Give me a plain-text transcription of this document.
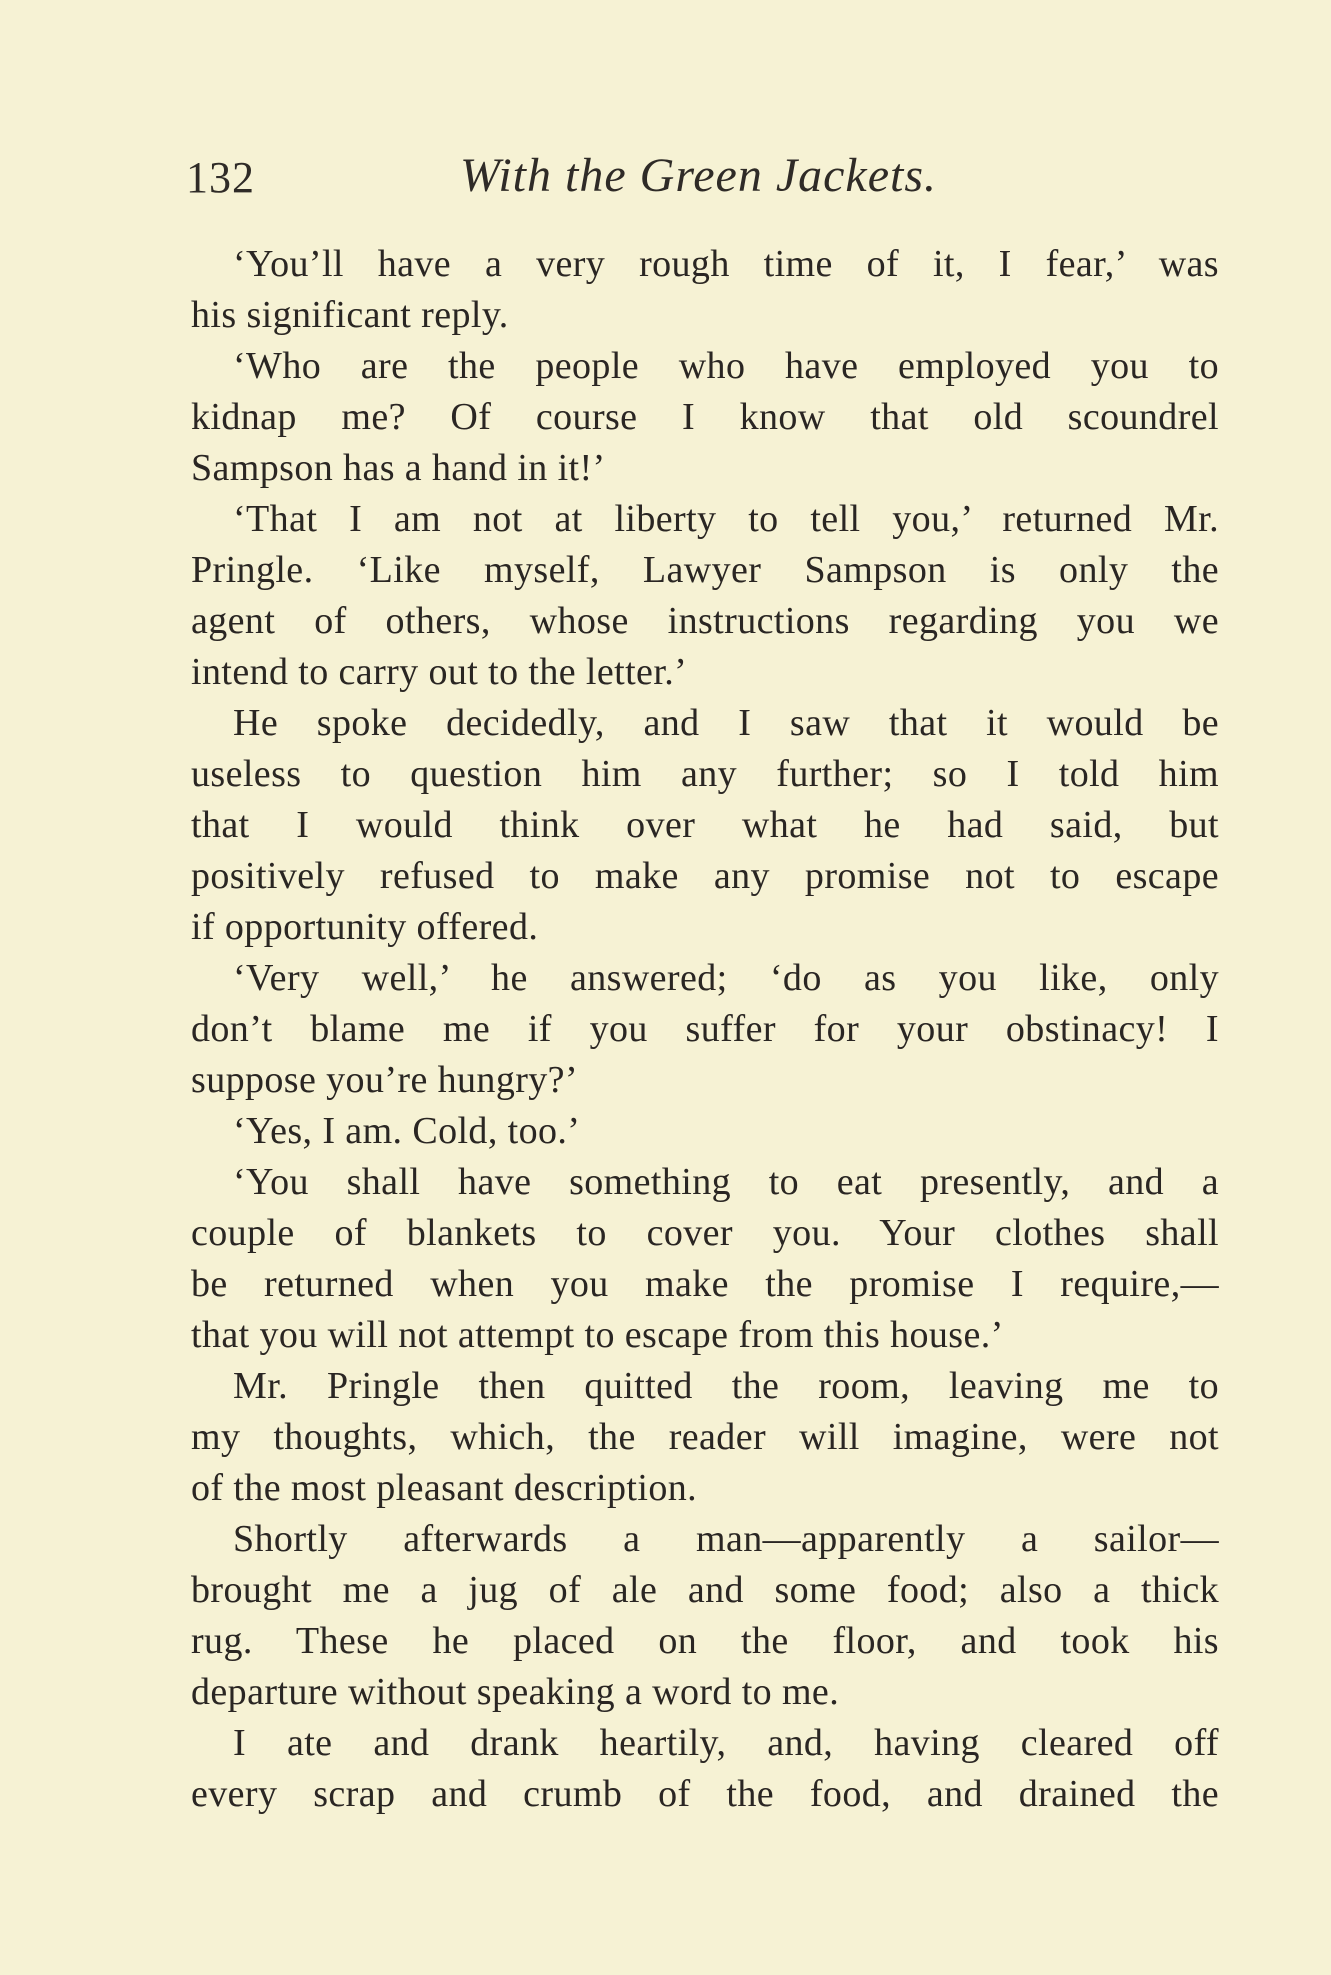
132	With the Green Jackets.
‘You’ll have a very rough time of it, I fear,’ was
his significant reply.
‘Who are the people who have employed you to
kidnap me? Of course I know that old scoundrel
Sampson has a hand in it!’
‘That I am not at liberty to tell you,’ returned Mr.
Pringle. ‘Like myself, Lawyer Sampson is only the
agent of others, whose instructions regarding you we
intend to carry out to the letter.’
He spoke decidedly, and I saw that it would be
useless to question him any further; so I told him
that I would think over what he had said, but
positively refused to make any promise not to escape
if opportunity offered.
‘Very well,’ he answered; ‘do as you like, only
don’t blame me if you suffer for your obstinacy! I
suppose you’re hungry?’
‘Yes, I am. Cold, too.’
‘You shall have something to eat presently, and a
couple of blankets to cover you. Your clothes shall
be returned when you make the promise I require,—
that you will not attempt to escape from this house.’
Mr. Pringle then quitted the room, leaving me to
my thoughts, which, the reader will imagine, were not
of the most pleasant description.
Shortly afterwards a man—apparently a sailor—
brought me a jug of ale and some food; also a thick
rug. These he placed on the floor, and took his
departure without speaking a word to me.
I ate and drank heartily, and, having cleared off
every scrap and crumb of the food, and drained the
